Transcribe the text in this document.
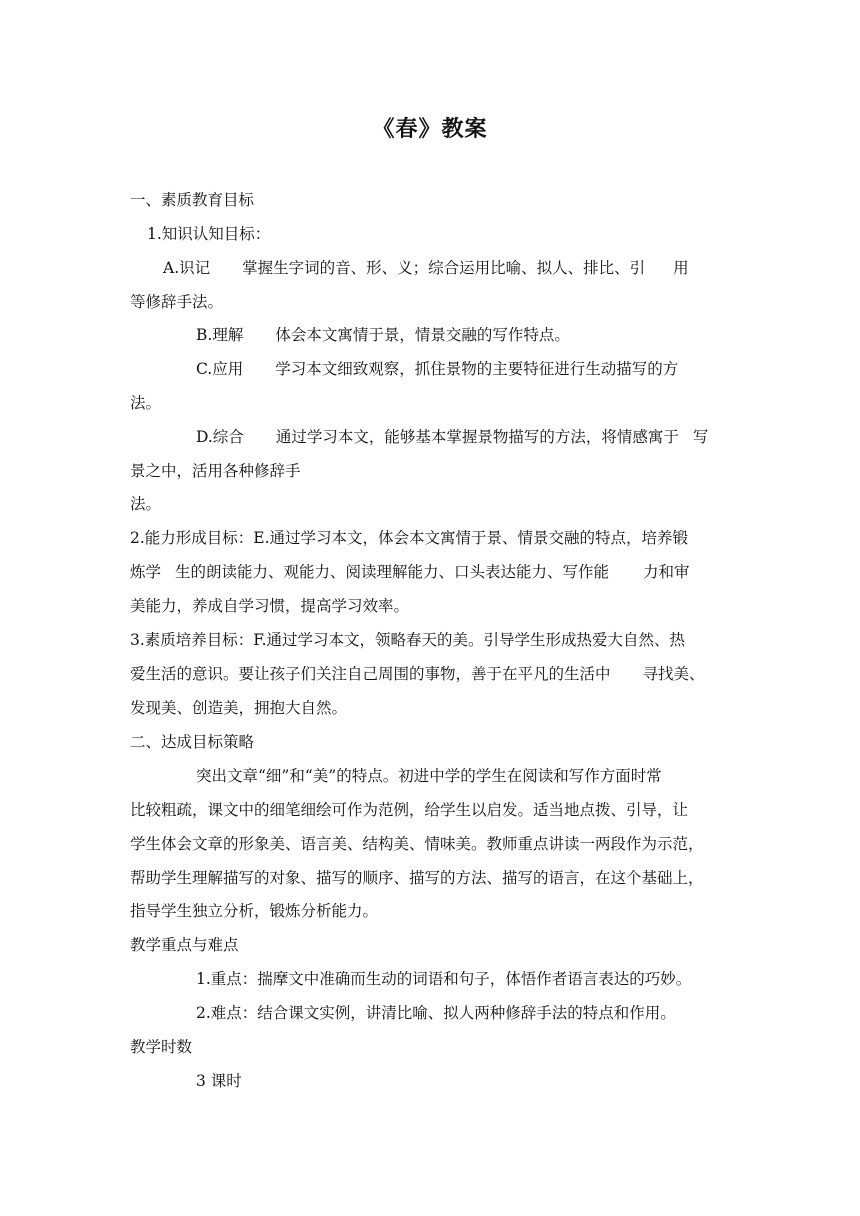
《春》教案
一、素质教育目标
1.知识认知目标：
A.识记 掌握生字词的音、形、义；综合运用比喻、拟人、排比、引 用
等修辞手法。
B.理解 体会本文寓情于景，情景交融的写作特点。
C.应用 学习本文细致观察，抓住景物的主要特征进行生动描写的方
法。
D.综合 通过学习本文，能够基本掌握景物描写的方法，将情感寓于 写
景之中，活用各种修辞手
法。
2.能力形成目标：E.通过学习本文，体会本文寓情于景、情景交融的特点，培养锻
炼学 生的朗读能力、观能力、阅读理解能力、口头表达能力、写作能 力和审
美能力，养成自学习惯，提高学习效率。
3.素质培养目标：F.通过学习本文，领略春天的美。引导学生形成热爱大自然、热
爱生活的意识。要让孩子们关注自己周围的事物，善于在平凡的生活中 寻找美、
发现美、创造美，拥抱大自然。
二、达成目标策略
突出文章“细”和“美”的特点。初进中学的学生在阅读和写作方面时常
比较粗疏，课文中的细笔细绘可作为范例，给学生以启发。适当地点拨、引导，让
学生体会文章的形象美、语言美、结构美、情味美。教师重点讲读一两段作为示范，
帮助学生理解描写的对象、描写的顺序、描写的方法、描写的语言，在这个基础上，
指导学生独立分析，锻炼分析能力。
教学重点与难点
1.重点：揣摩文中准确而生动的词语和句子，体悟作者语言表达的巧妙。
2.难点：结合课文实例，讲清比喻、拟人两种修辞手法的特点和作用。
教学时数
3 课时
